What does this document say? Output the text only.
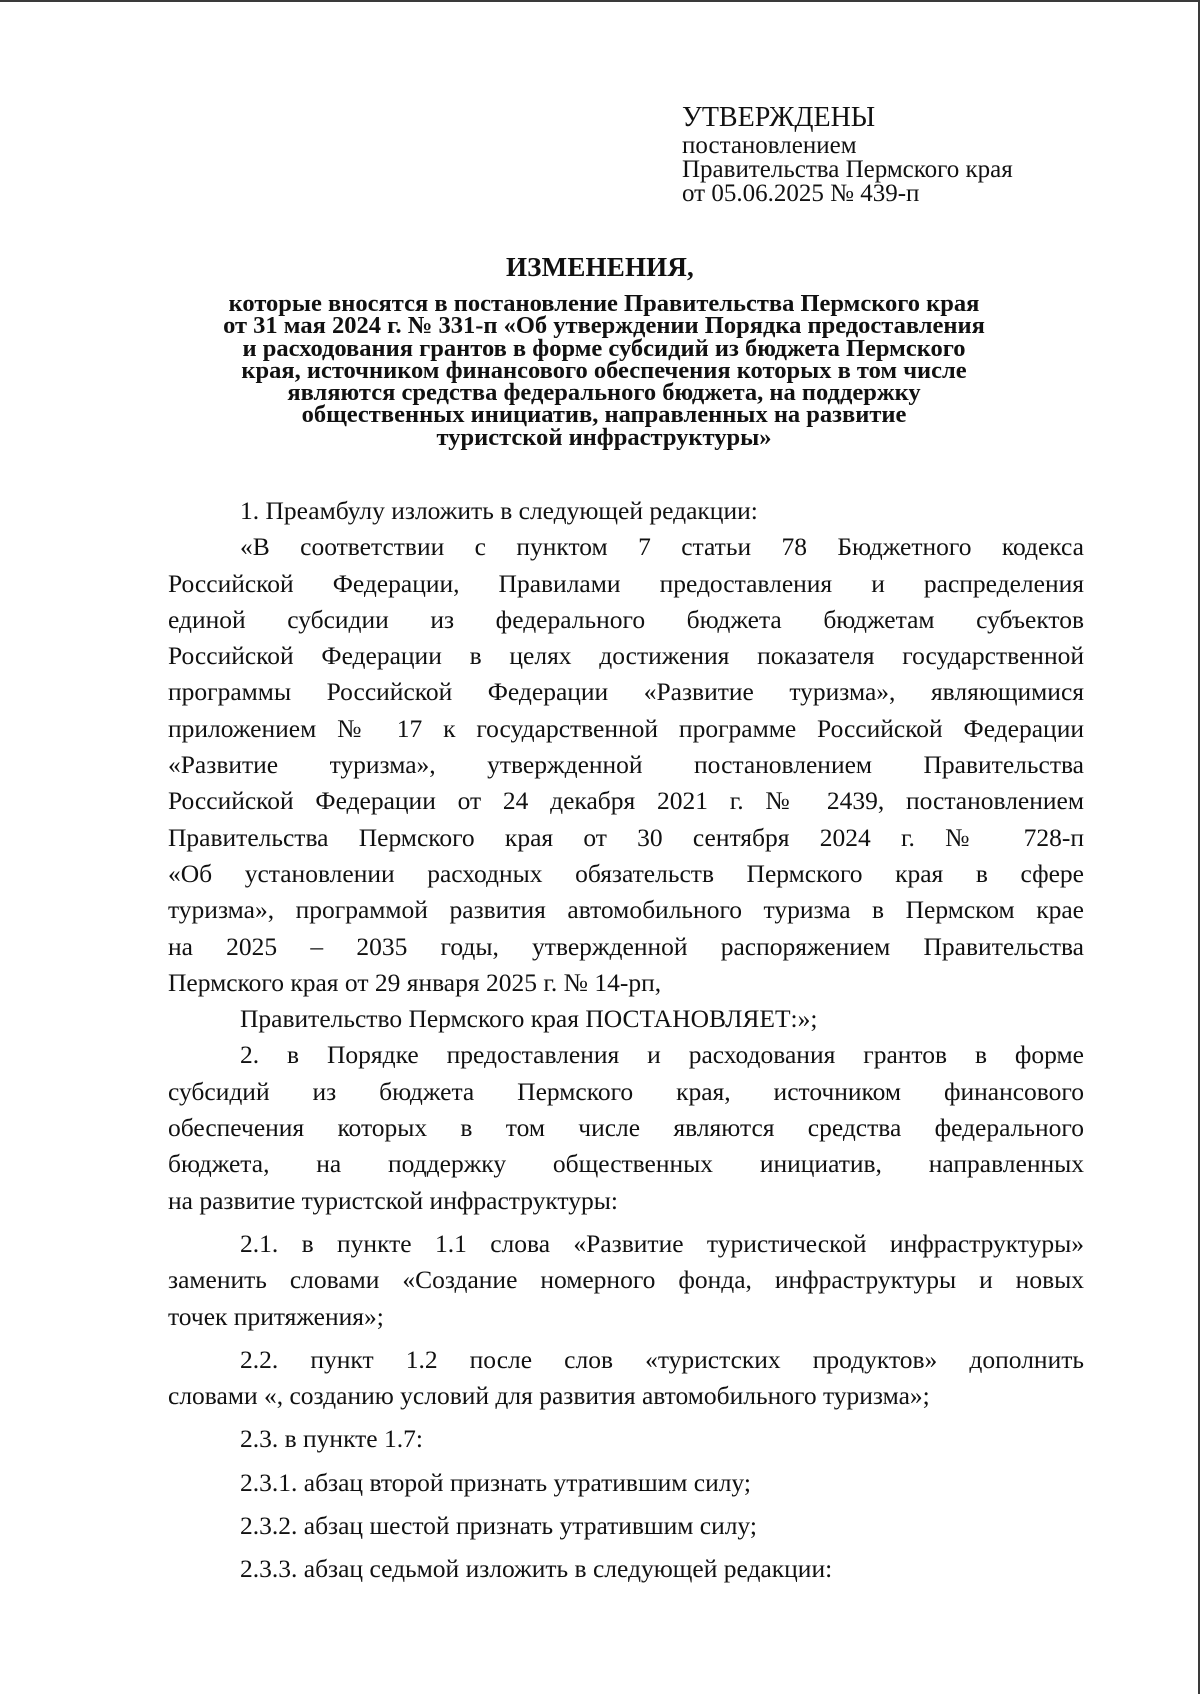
УТВЕРЖДЕНЫ
постановлением
Правительства Пермского края
от 05.06.2025 № 439-п
ИЗМЕНЕНИЯ,
которые вносятся в постановление Правительства Пермского края
от 31 мая 2024 г. № 331-п «Об утверждении Порядка предоставления
и расходования грантов в форме субсидий из бюджета Пермского
края, источником финансового обеспечения которых в том числе
являются средства федерального бюджета, на поддержку
общественных инициатив, направленных на развитие
туристской инфраструктуры»
1. Преамбулу изложить в следующей редакции:
«В соответствии с пунктом 7 статьи 78 Бюджетного кодекса
Российской Федерации, Правилами предоставления и распределения
единой субсидии из федерального бюджета бюджетам субъектов
Российской Федерации в целях достижения показателя государственной
программы Российской Федерации «Развитие туризма», являющимися
приложением № 17 к государственной программе Российской Федерации
«Развитие туризма», утвержденной постановлением Правительства
Российской Федерации от 24 декабря 2021 г. № 2439, постановлением
Правительства Пермского края от 30 сентября 2024 г. № 728-п
«Об установлении расходных обязательств Пермского края в сфере
туризма», программой развития автомобильного туризма в Пермском крае
на 2025 – 2035 годы, утвержденной распоряжением Правительства
Пермского края от 29 января 2025 г. № 14-рп,
Правительство Пермского края ПОСТАНОВЛЯЕТ:»;
2. в Порядке предоставления и расходования грантов в форме
субсидий из бюджета Пермского края, источником финансового
обеспечения которых в том числе являются средства федерального
бюджета, на поддержку общественных инициатив, направленных
на развитие туристской инфраструктуры:
2.1. в пункте 1.1 слова «Развитие туристической инфраструктуры»
заменить словами «Создание номерного фонда, инфраструктуры и новых
точек притяжения»;
2.2. пункт 1.2 после слов «туристских продуктов» дополнить
словами «, созданию условий для развития автомобильного туризма»;
2.3. в пункте 1.7:
2.3.1. абзац второй признать утратившим силу;
2.3.2. абзац шестой признать утратившим силу;
2.3.3. абзац седьмой изложить в следующей редакции:
